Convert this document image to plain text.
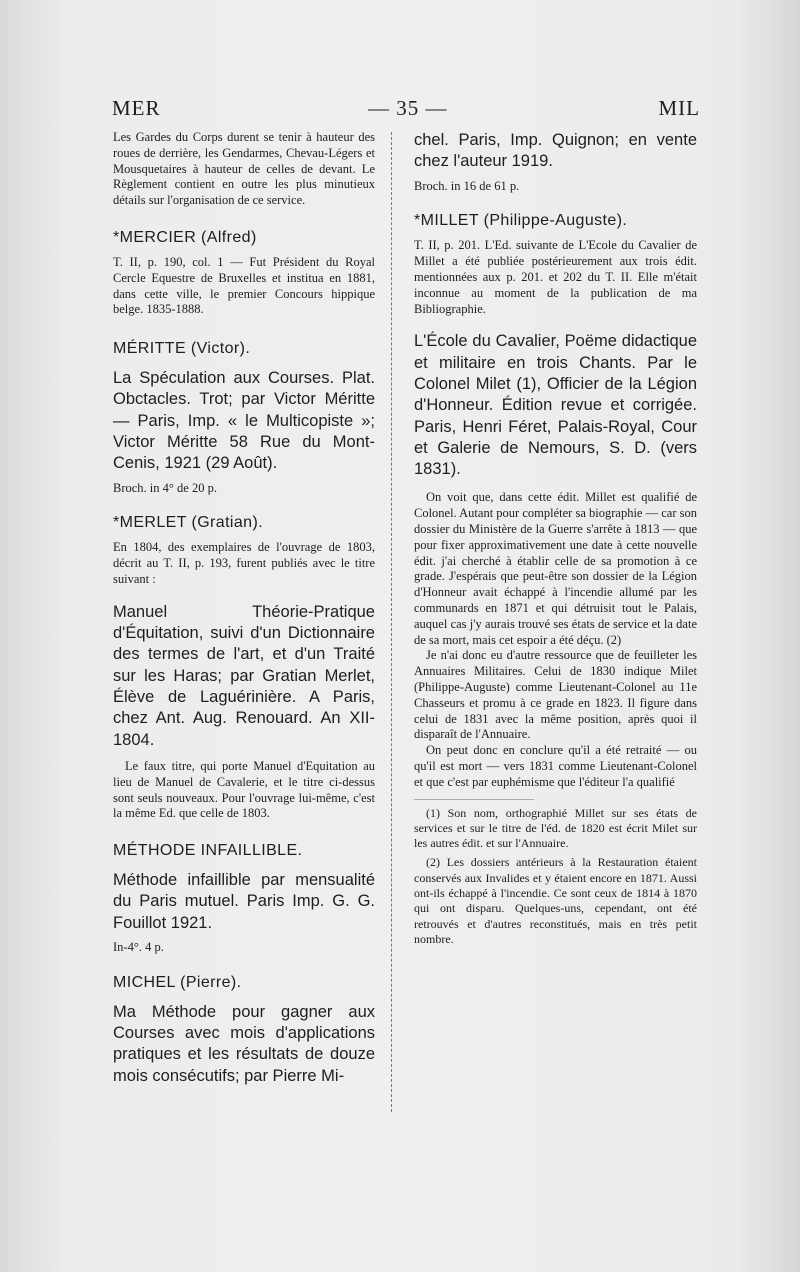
MER	— 35 —	MIL

Les Gardes du Corps durent se tenir à hauteur des roues de derrière, les Gendarmes, Chevau-Légers et Mousquetaires à hauteur de celles de devant. Le Règlement contient en outre les plus minutieux détails sur l'organisation de ce service.

*MERCIER (Alfred)

T. II, p. 190, col. 1 — Fut Président du Royal Cercle Equestre de Bruxelles et institua en 1881, dans cette ville, le premier Concours hippique belge. 1835-1888.

MÉRITTE (Victor).

La Spéculation aux Courses. Plat. Obctacles. Trot; par Victor Méritte — Paris, Imp. « le Multicopiste »; Victor Méritte 58 Rue du Mont-Cenis, 1921 (29 Août).

Broch. in 4° de 20 p.

*MERLET (Gratian).

En 1804, des exemplaires de l'ouvrage de 1803, décrit au T. II, p. 193, furent publiés avec le titre suivant :

Manuel Théorie-Pratique d'Équitation, suivi d'un Dictionnaire des termes de l'art, et d'un Traité sur les Haras; par Gratian Merlet, Élève de Laguérinière. A Paris, chez Ant. Aug. Renouard. An XII-1804.

Le faux titre, qui porte Manuel d'Equitation au lieu de Manuel de Cavalerie, et le titre ci-dessus sont seuls nouveaux. Pour l'ouvrage lui-même, c'est la même Ed. que celle de 1803.

MÉTHODE INFAILLIBLE.

Méthode infaillible par mensualité du Paris mutuel. Paris Imp. G. G. Fouillot 1921.

In-4°. 4 p.

MICHEL (Pierre).

Ma Méthode pour gagner aux Courses avec mois d'applications pratiques et les résultats de douze mois consécutifs; par Pierre Mi-

chel. Paris, Imp. Quignon; en vente chez l'auteur 1919.

Broch. in 16 de 61 p.

*MILLET (Philippe-Auguste).

T. II, p. 201. L'Ed. suivante de L'Ecole du Cavalier de Millet a été publiée postérieurement aux trois édit. mentionnées aux p. 201. et 202 du T. II. Elle m'était inconnue au moment de la publication de ma Bibliographie.

L'École du Cavalier, Poëme didactique et militaire en trois Chants. Par le Colonel Milet (1), Officier de la Légion d'Honneur. Édition revue et corrigée. Paris, Henri Féret, Palais-Royal, Cour et Galerie de Nemours, S. D. (vers 1831).

On voit que, dans cette édit. Millet est qualifié de Colonel. Autant pour compléter sa biographie — car son dossier du Ministère de la Guerre s'arrête à 1813 — que pour fixer approximativement une date à cette nouvelle édit. j'ai cherché à établir celle de sa promotion à ce grade. J'espérais que peut-être son dossier de la Légion d'Honneur avait échappé à l'incendie allumé par les communards en 1871 et qui détruisit tout le Palais, auquel cas j'y aurais trouvé ses états de service et la date de sa mort, mais cet espoir a été déçu. (2)

Je n'ai donc eu d'autre ressource que de feuilleter les Annuaires Militaires. Celui de 1830 indique Milet (Philippe-Auguste) comme Lieutenant-Colonel au 11e Chasseurs et promu à ce grade en 1823. Il figure dans celui de 1831 avec la même position, après quoi il disparaît de l'Annuaire.

On peut donc en conclure qu'il a été retraité — ou qu'il est mort — vers 1831 comme Lieutenant-Colonel et que c'est par euphémisme que l'éditeur l'a qualifié

(1) Son nom, orthographié Millet sur ses états de services et sur le titre de l'éd. de 1820 est écrit Milet sur les autres édit. et sur l'Annuaire.

(2) Les dossiers antérieurs à la Restauration étaient conservés aux Invalides et y étaient encore en 1871. Aussi ont-ils échappé à l'incendie. Ce sont ceux de 1814 à 1870 qui ont disparu. Quelques-uns, cependant, ont été retrouvés et d'autres reconstitués, mais en très petit nombre.
